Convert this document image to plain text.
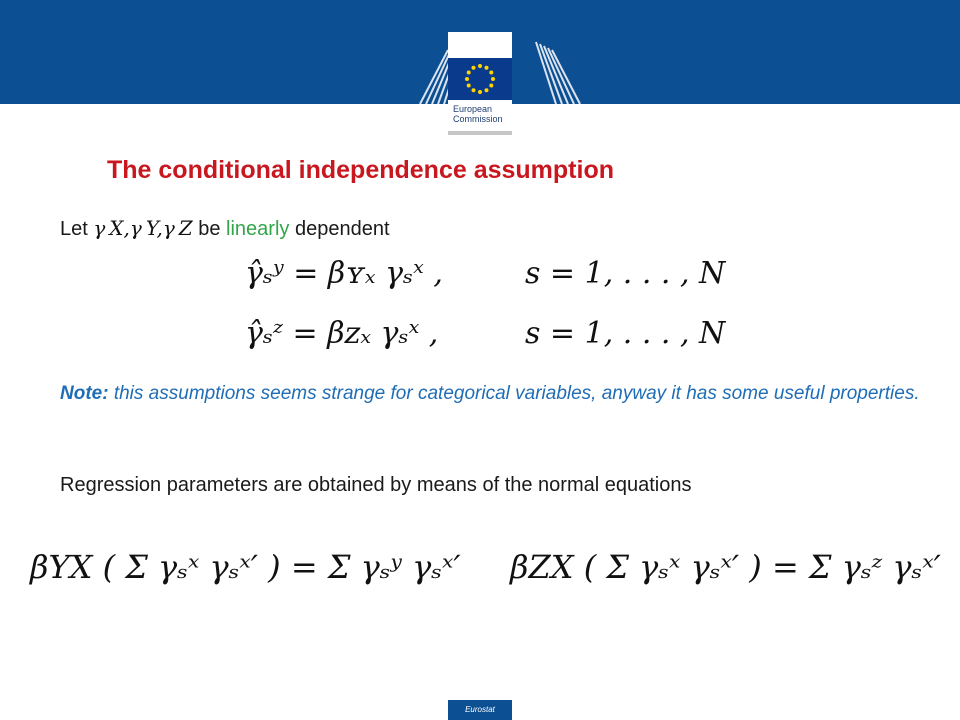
European
Commission
The conditional independence assumption
Let γ X,γ Y,γ Z be linearly dependent
γ̂ₛʸ = βʏₓ γₛˣ ,	s = 1, . . . , N
γ̂ₛᶻ = βᴢₓ γₛˣ ,	s = 1, . . . , N
Note: this assumptions seems strange for categorical variables, anyway it has some useful properties.
Regression parameters are obtained by means of the normal equations
βYX ( Σ γₛˣ γₛˣ′ ) = Σ γₛʸ γₛˣ′ βZX ( Σ γₛˣ γₛˣ′ ) = Σ γₛᶻ γₛˣ′
Eurostat
